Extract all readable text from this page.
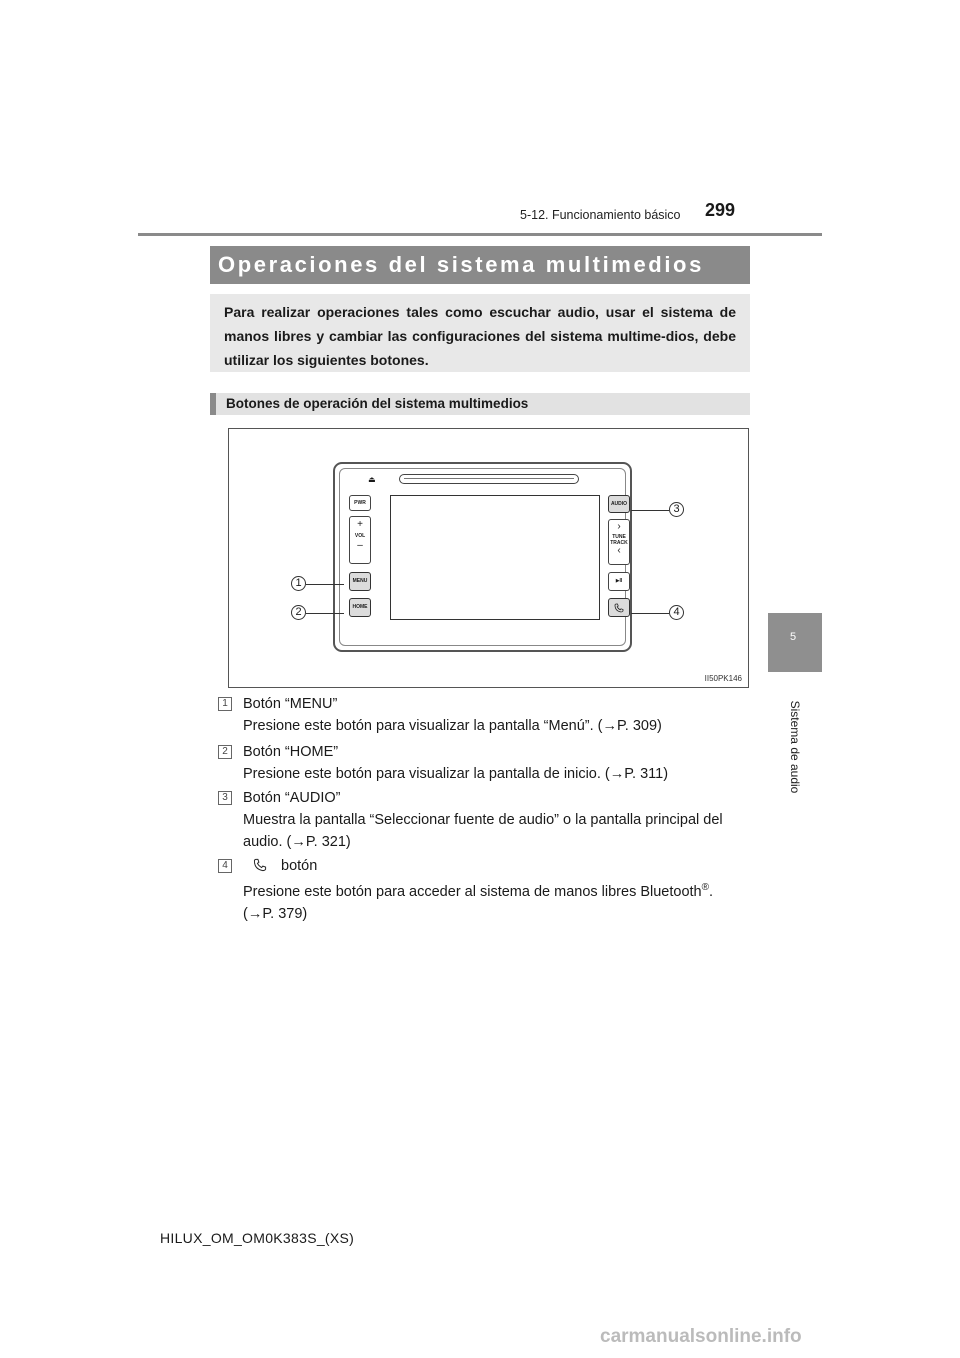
5-12. Funcionamiento básico 299
5
Sistema de audio
Operaciones del sistema multimedios

Para realizar operaciones tales como escuchar audio, usar el sistema de manos libres y cambiar las configuraciones del sistema multime-dios, debe utilizar los siguientes botones.

Botones de operación del sistema multimedios
⏏
PWR
+
VOL
–
MENU
HOME
AUDIO
›
TUNE
TRACK
‹
▶II
1
2
3
4
II50PK146
1 Botón “MENU”
Presione este botón para visualizar la pantalla “Menú”. (→P. 309)
2 Botón “HOME”
Presione este botón para visualizar la pantalla de inicio. (→P. 311)
3 Botón “AUDIO”
Muestra la pantalla “Seleccionar fuente de audio” o la pantalla principal del
audio. (→P. 321)
4	botón
Presione este botón para acceder al sistema de manos libres Bluetooth®.
(→P. 379)
HILUX_OM_OM0K383S_(XS)
carmanualsonline.info
